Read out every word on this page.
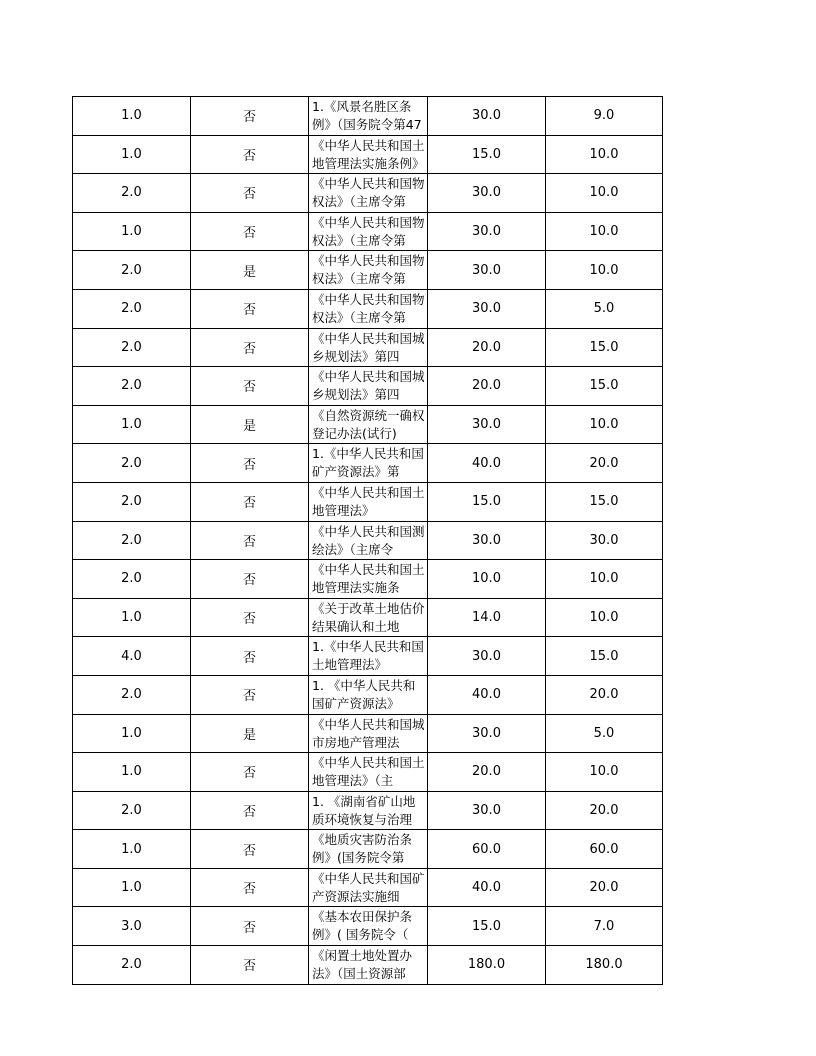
1.0	否	1.《风景名胜区条例》（国务院令第47	30.0	9.0
1.0	否	《中华人民共和国土地管理法实施条例》	15.0	10.0
2.0	否	《中华人民共和国物权法》（主席令第	30.0	10.0
1.0	否	《中华人民共和国物权法》（主席令第	30.0	10.0
2.0	是	《中华人民共和国物权法》（主席令第	30.0	10.0
2.0	否	《中华人民共和国物权法》（主席令第	30.0	5.0
2.0	否	《中华人民共和国城乡规划法》第四	20.0	15.0
2.0	否	《中华人民共和国城乡规划法》第四	20.0	15.0
1.0	是	《自然资源统一确权登记办法(试行)	30.0	10.0
2.0	否	1.《中华人民共和国矿产资源法》第	40.0	20.0
2.0	否	《中华人民共和国土地管理法》	15.0	15.0
2.0	否	《中华人民共和国测绘法》（主席令	30.0	30.0
2.0	否	《中华人民共和国土地管理法实施条	10.0	10.0
1.0	否	《关于改革土地估价结果确认和土地	14.0	10.0
4.0	否	1.《中华人民共和国土地管理法》	30.0	15.0
2.0	否	1. 《中华人民共和国矿产资源法》	40.0	20.0
1.0	是	《中华人民共和国城市房地产管理法	30.0	5.0
1.0	否	《中华人民共和国土地管理法》（主	20.0	10.0
2.0	否	1. 《湖南省矿山地质环境恢复与治理	30.0	20.0
1.0	否	《地质灾害防治条例》(国务院令第	60.0	60.0
1.0	否	《中华人民共和国矿产资源法实施细	40.0	20.0
3.0	否	《基本农田保护条例》( 国务院令（	15.0	7.0
2.0	否	《闲置土地处置办法》（国土资源部	180.0	180.0
